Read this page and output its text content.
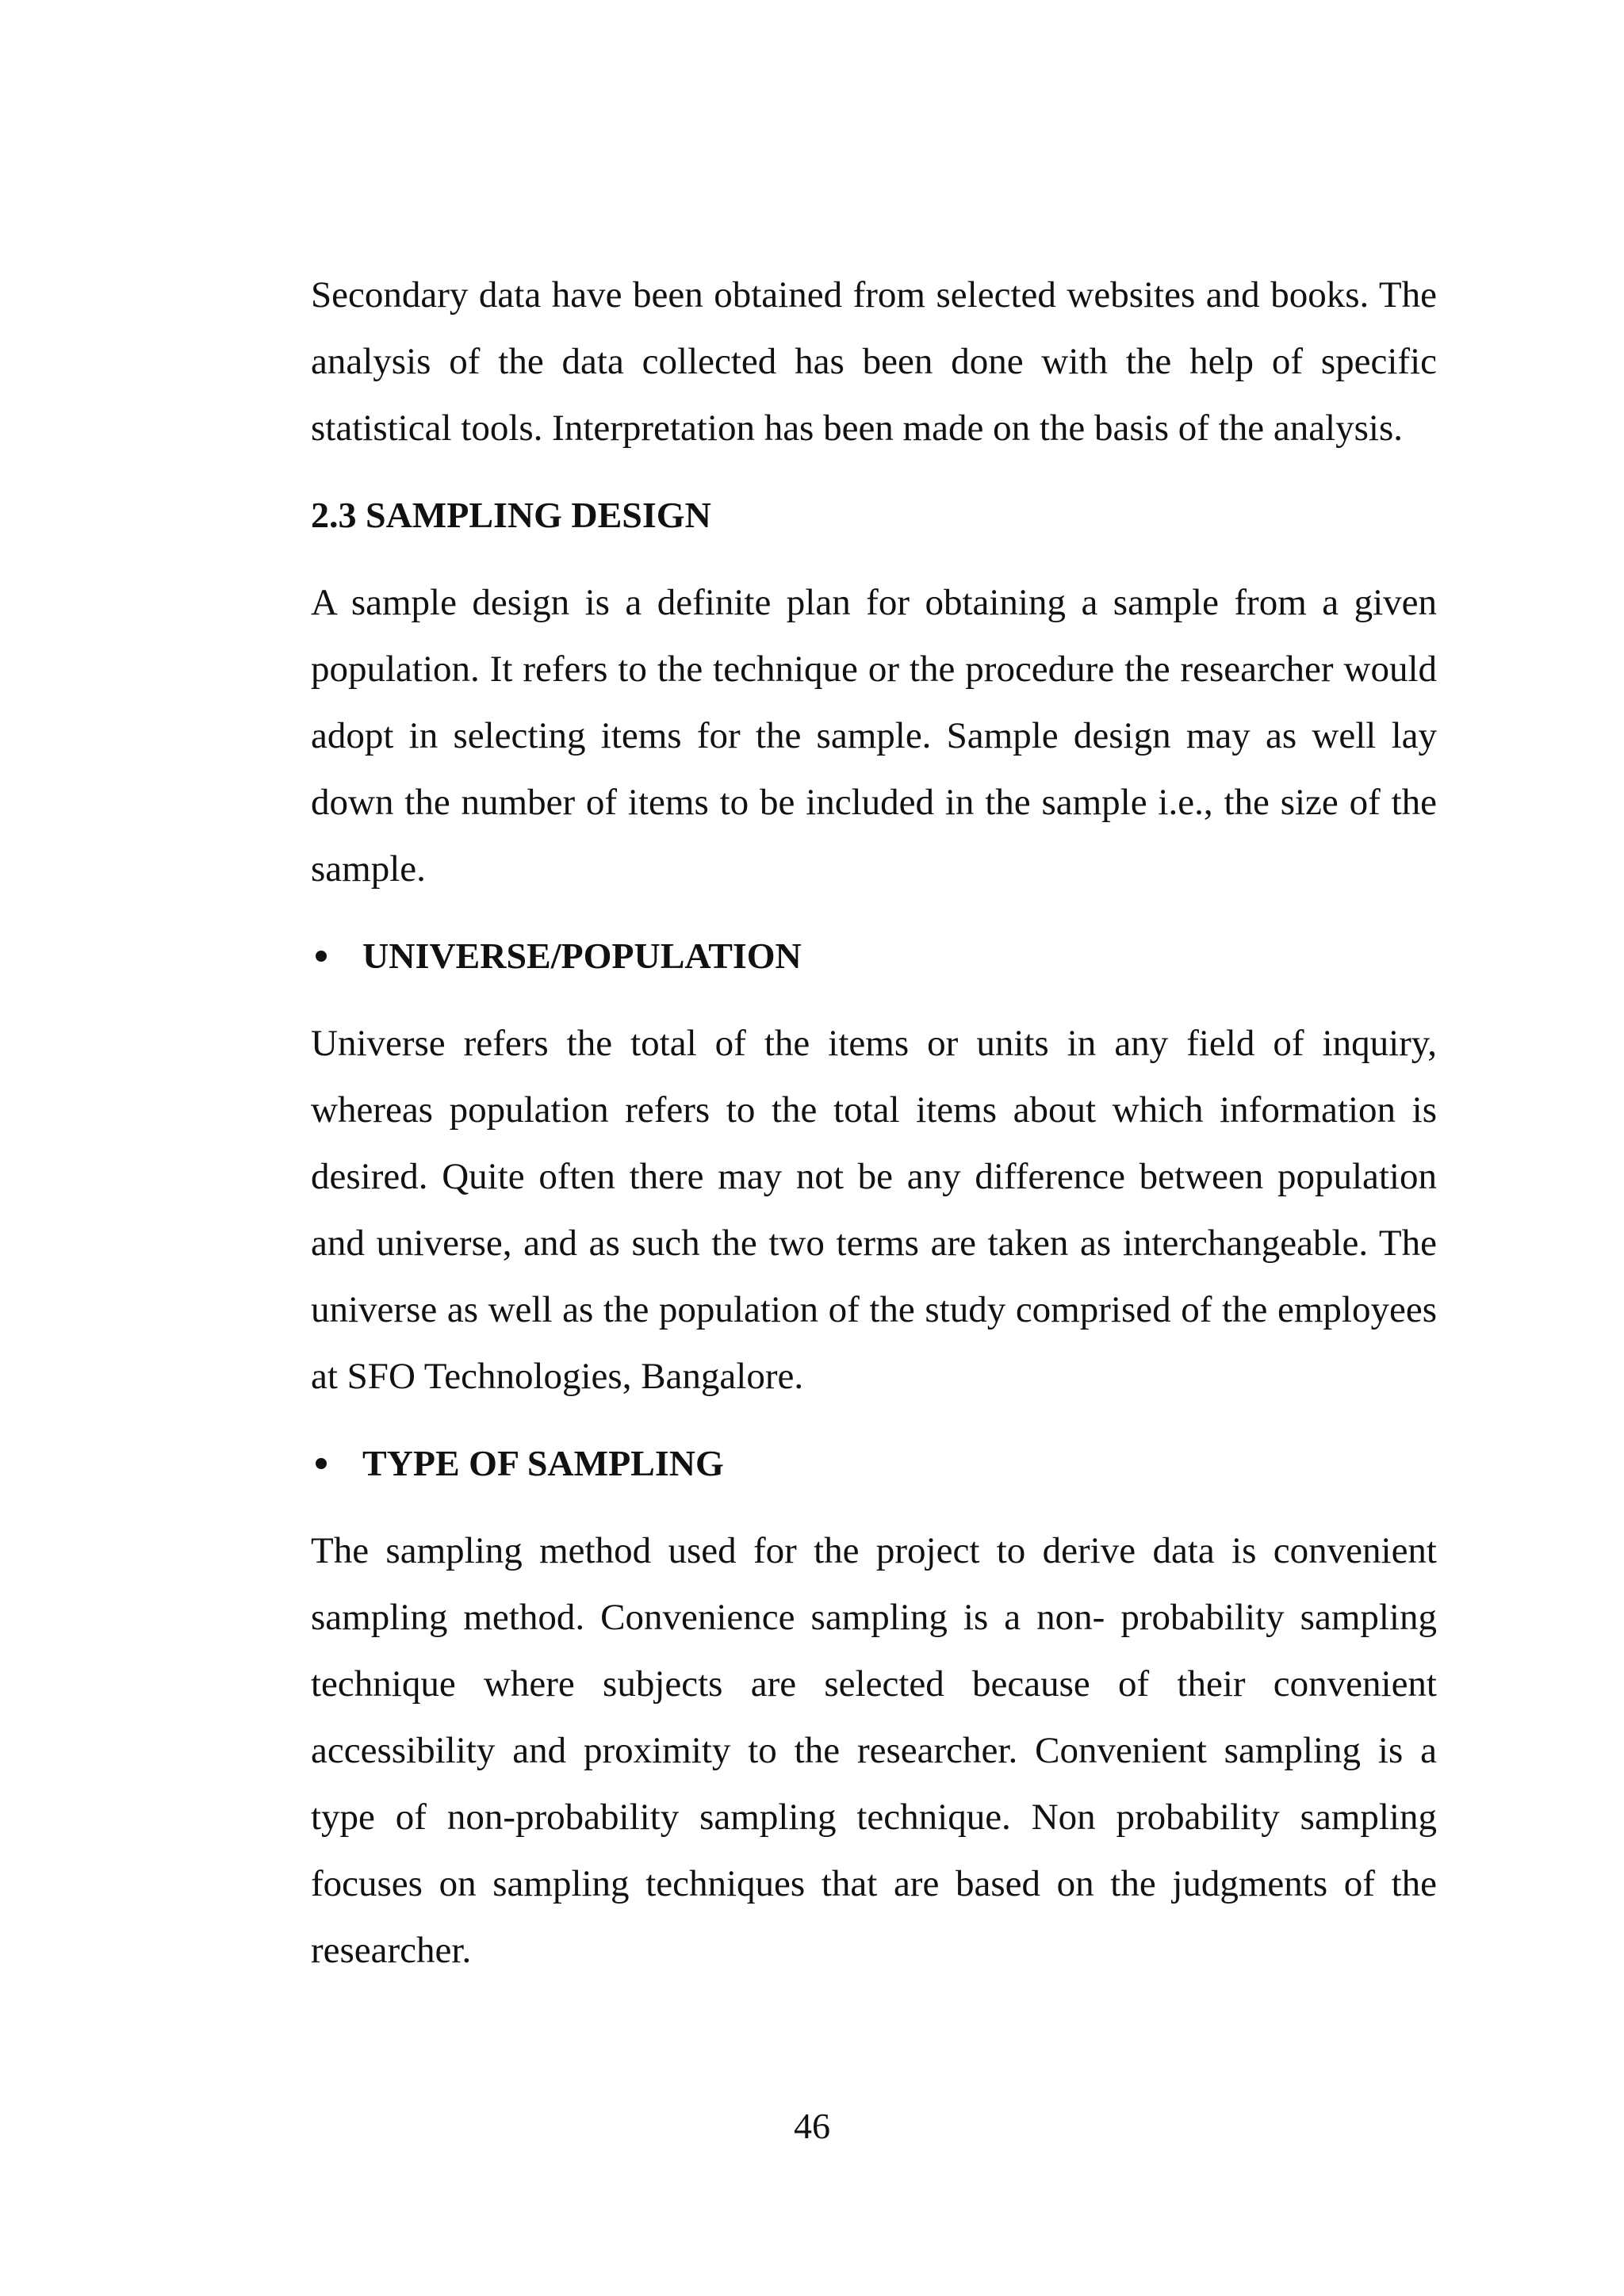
Secondary data have been obtained from selected websites and books. The analysis of the data collected has been done with the help of specific statistical tools. Interpretation has been made on the basis of the analysis.

2.3 SAMPLING DESIGN

A sample design is a definite plan for obtaining a sample from a given population. It refers to the technique or the procedure the researcher would adopt in selecting items for the sample. Sample design may as well lay down the number of items to be included in the sample i.e., the size of the sample.

UNIVERSE/POPULATION

Universe refers the total of the items or units in any field of inquiry, whereas population refers to the total items about which information is desired. Quite often there may not be any difference between population and universe, and as such the two terms are taken as interchangeable. The universe as well as the population of the study comprised of the employees at SFO Technologies, Bangalore.

TYPE OF SAMPLING

The sampling method used for the project to derive data is convenient sampling method. Convenience sampling is a non- probability sampling technique where subjects are selected because of their convenient accessibility and proximity to the researcher. Convenient sampling is a type of non-probability sampling technique. Non probability sampling focuses on sampling techniques that are based on the judgments of the researcher.

46
